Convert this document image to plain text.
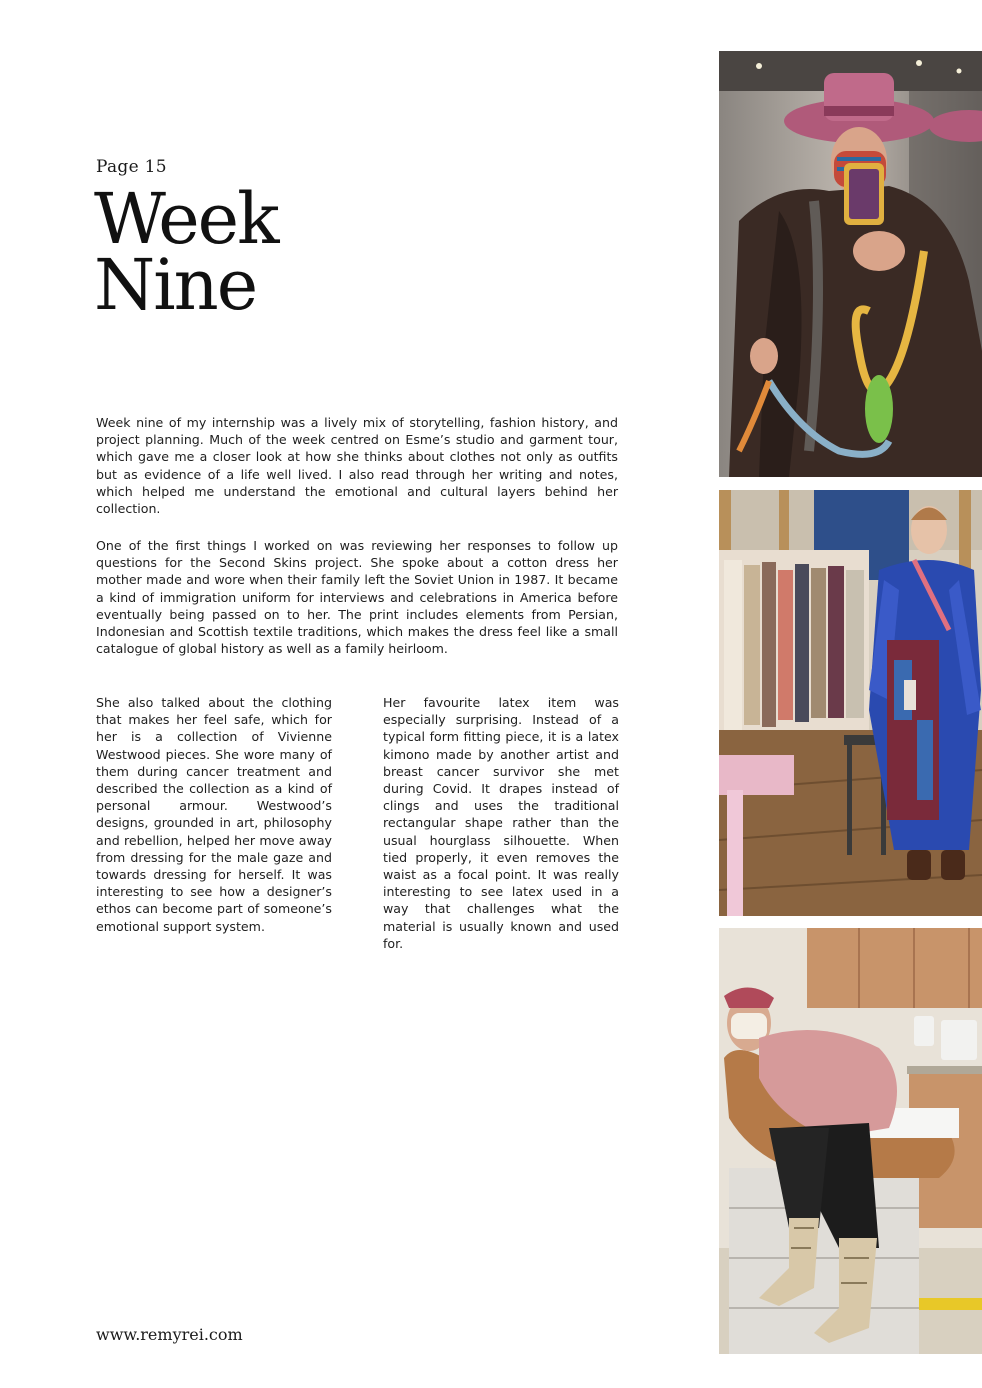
Page 15
Week
Nine

Week nine of my internship was a lively mix of storytelling, fashion history, and project planning. Much of the week centred on Esme’s studio and garment tour, which gave me a closer look at how she thinks about clothes not only as outfits but as evidence of a life well lived. I also read through her writing and notes, which helped me understand the emotional and cultural layers behind her collection.

One of the first things I worked on was reviewing her responses to follow up questions for the Second Skins project. She spoke about a cotton dress her mother made and wore when their family left the Soviet Union in 1987. It became a kind of immigration uniform for interviews and celebrations in America before eventually being passed on to her. The print includes elements from Persian, Indonesian and Scottish textile traditions, which makes the dress feel like a small catalogue of global history as well as a family heirloom.

She also talked about the clothing that makes her feel safe, which for her is a collection of Vivienne Westwood pieces. She wore many of them during cancer treatment and described the collection as a kind of personal armour. Westwood’s designs, grounded in art, philosophy and rebellion, helped her move away from dressing for the male gaze and towards dressing for herself. It was interesting to see how a designer’s ethos can become part of someone’s emotional support system.

Her favourite latex item was especially surprising. Instead of a typical form fitting piece, it is a latex kimono made by another artist and breast cancer survivor she met during Covid. It drapes instead of clings and uses the traditional rectangular shape rather than the usual hourglass silhouette. When tied properly, it even removes the waist as a focal point. It was really interesting to see latex used in a way that challenges what the material is usually known and used for.

www.remyrei.com
